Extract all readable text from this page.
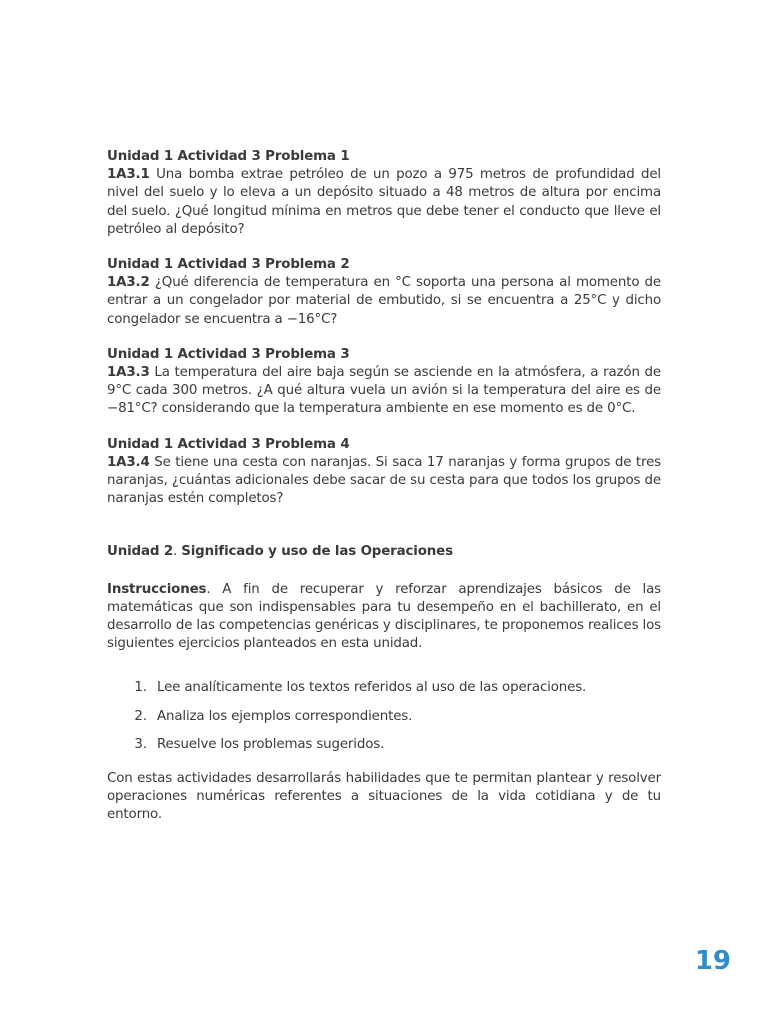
Unidad 1 Actividad 3 Problema 1

1A3.1 Una bomba extrae petróleo de un pozo a 975 metros de profundidad del nivel del suelo y lo eleva a un depósito situado a 48 metros de altura por encima del suelo. ¿Qué longitud mínima en metros que debe tener el conducto que lleve el petróleo al depósito?

Unidad 1 Actividad 3 Problema 2

1A3.2 ¿Qué diferencia de temperatura en °C soporta una persona al momento de entrar a un congelador por material de embutido, si se encuentra a 25°C y dicho congelador se encuentra a −16°C?

Unidad 1 Actividad 3 Problema 3

1A3.3 La temperatura del aire baja según se asciende en la atmósfera, a razón de 9°C cada 300 metros. ¿A qué altura vuela un avión si la temperatura del aire es de −81°C? considerando que la temperatura ambiente en ese momento es de 0°C.

Unidad 1 Actividad 3 Problema 4

1A3.4 Se tiene una cesta con naranjas. Si saca 17 naranjas y forma grupos de tres naranjas, ¿cuántas adicionales debe sacar de su cesta para que todos los grupos de naranjas estén completos?

Unidad 2. Significado y uso de las Operaciones

Instrucciones. A fin de recuperar y reforzar aprendizajes básicos de las matemáticas que son indispensables para tu desempeño en el bachillerato, en el desarrollo de las competencias genéricas y disciplinares, te proponemos realices los siguientes ejercicios planteados en esta unidad.

1. Lee analíticamente los textos referidos al uso de las operaciones.
2. Analiza los ejemplos correspondientes.
3. Resuelve los problemas sugeridos.

Con estas actividades desarrollarás habilidades que te permitan plantear y resolver operaciones numéricas referentes a situaciones de la vida cotidiana y de tu entorno.

19
